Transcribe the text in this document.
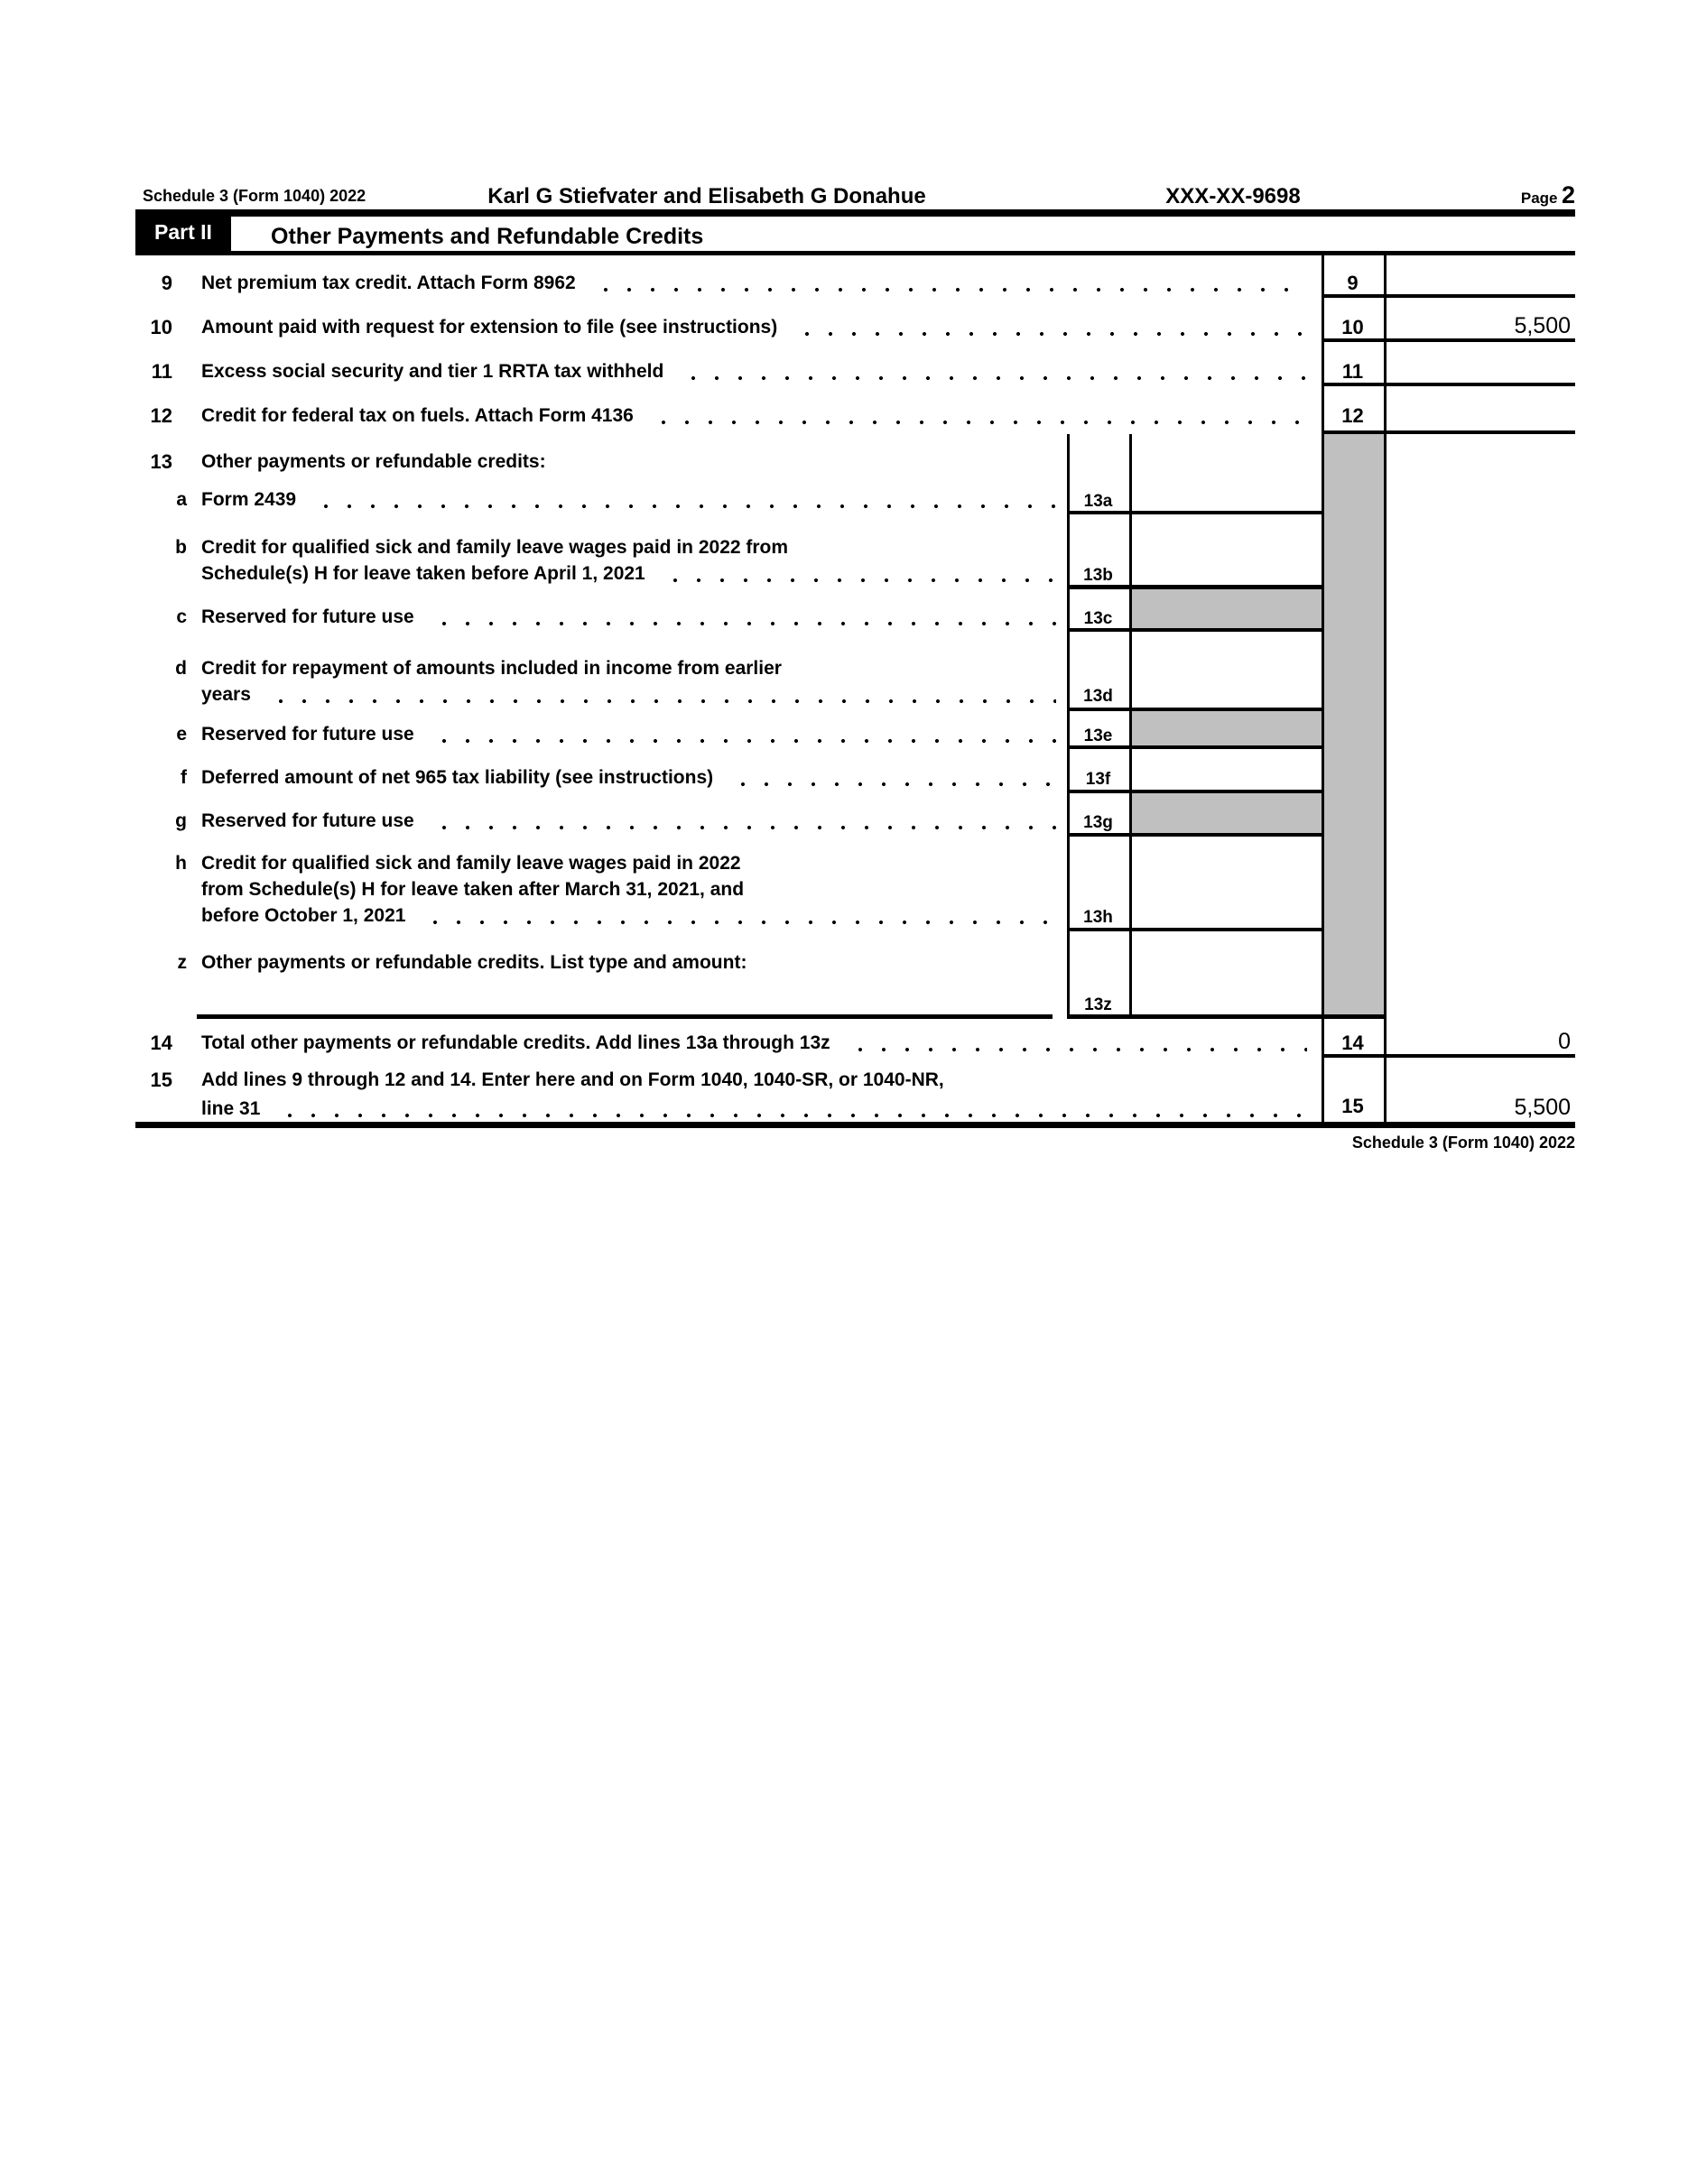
Schedule 3 (Form 1040) 2022	Karl G Stiefvater and Elisabeth G Donahue	XXX-XX-9698	Page 2
Part II	Other Payments and Refundable Credits
9 Net premium tax credit. Attach Form 8962	9
10 Amount paid with request for extension to file (see instructions)	10	5,500
11 Excess social security and tier 1 RRTA tax withheld	11
12 Credit for federal tax on fuels. Attach Form 4136	12
13 Other payments or refundable credits:
a Form 2439	13a
b Credit for qualified sick and family leave wages paid in 2022 from
Schedule(s) H for leave taken before April 1, 2021	13b
c Reserved for future use	13c
d Credit for repayment of amounts included in income from earlier
years	13d
e Reserved for future use	13e
f Deferred amount of net 965 tax liability (see instructions)	13f
g Reserved for future use	13g
h Credit for qualified sick and family leave wages paid in 2022
from Schedule(s) H for leave taken after March 31, 2021, and
before October 1, 2021	13h
z Other payments or refundable credits. List type and amount:
13z
14 Total other payments or refundable credits. Add lines 13a through 13z	14	0
15 Add lines 9 through 12 and 14. Enter here and on Form 1040, 1040-SR, or 1040-NR,
line 31	15	5,500
Schedule 3 (Form 1040) 2022
